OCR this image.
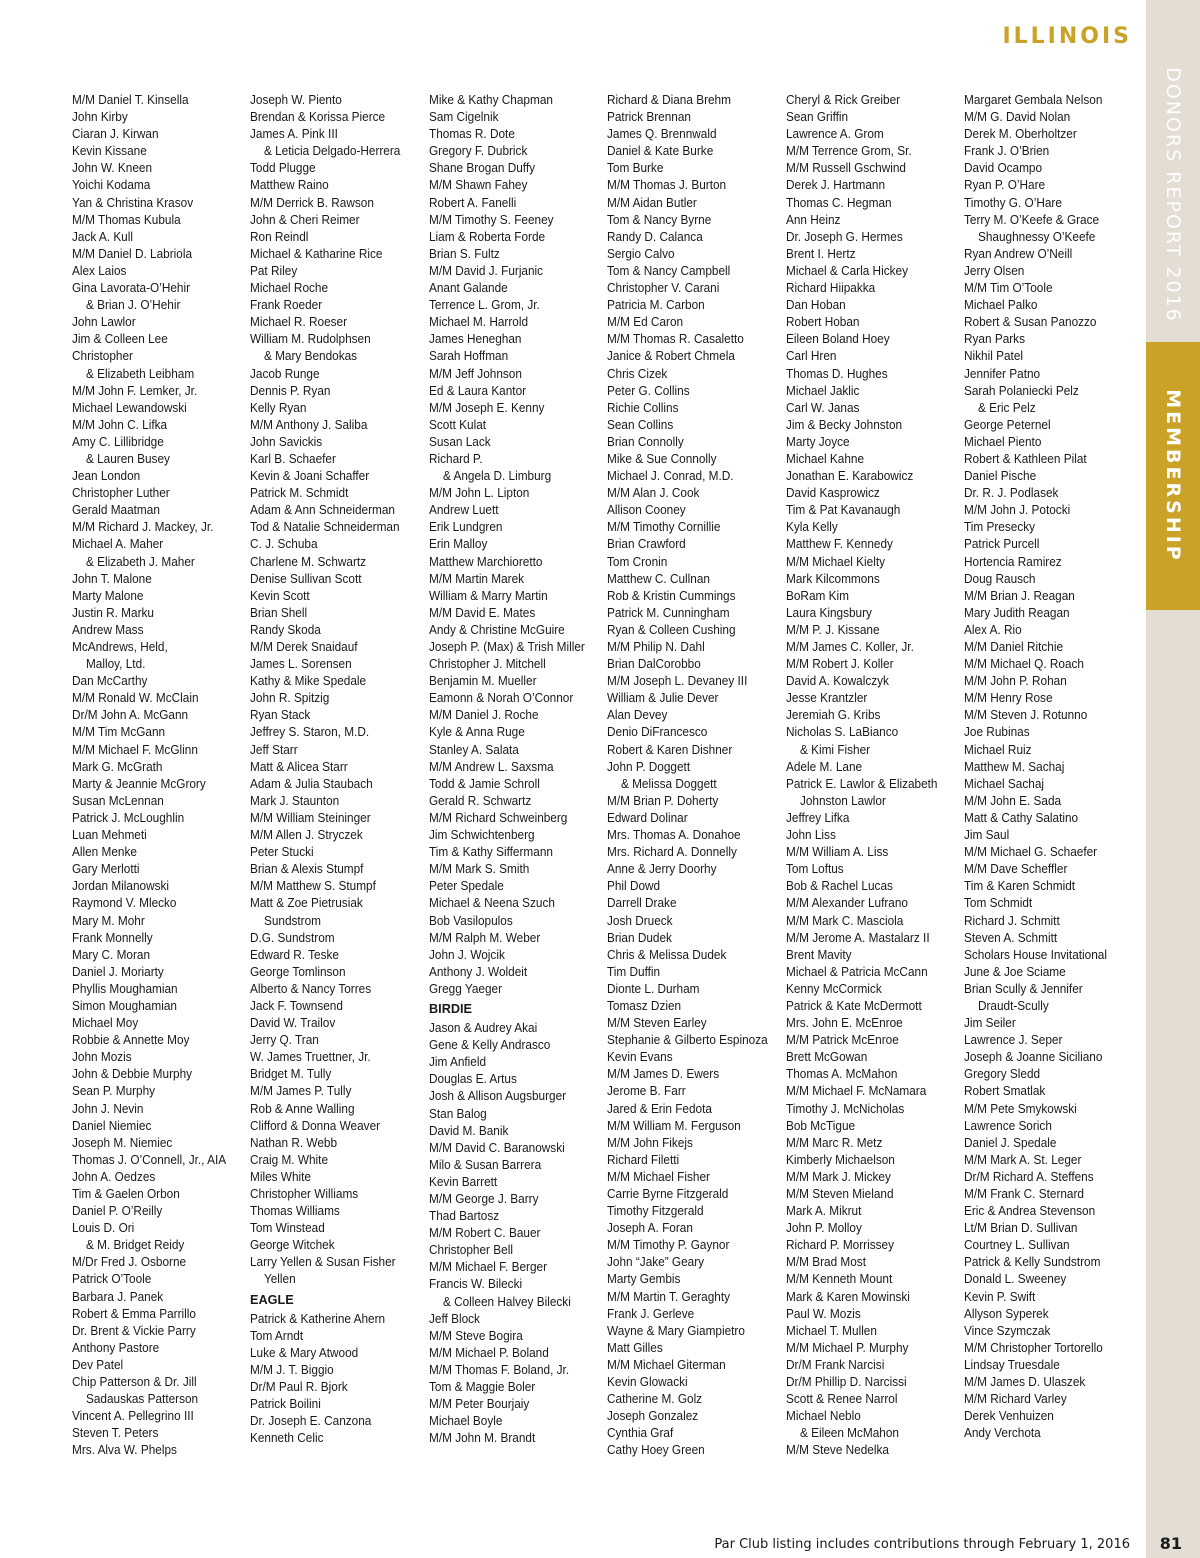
ILLINOIS
DONORS REPORT 2016
MEMBERSHIP
M/M Daniel T. Kinsella
John Kirby
Ciaran J. Kirwan
Kevin Kissane
John W. Kneen
Yoichi Kodama
Yan & Christina Krasov
M/M Thomas Kubula
Jack A. Kull
M/M Daniel D. Labriola
Alex Laios
Gina Lavorata-O’Hehir
& Brian J. O’Hehir
John Lawlor
Jim & Colleen Lee
Christopher
& Elizabeth Leibham
M/M John F. Lemker, Jr.
Michael Lewandowski
M/M John C. Lifka
Amy C. Lillibridge
& Lauren Busey
Jean London
Christopher Luther
Gerald Maatman
M/M Richard J. Mackey, Jr.
Michael A. Maher
& Elizabeth J. Maher
John T. Malone
Marty Malone
Justin R. Marku
Andrew Mass
McAndrews, Held,
Malloy, Ltd.
Dan McCarthy
M/M Ronald W. McClain
Dr/M John A. McGann
M/M Tim McGann
M/M Michael F. McGlinn
Mark G. McGrath
Marty & Jeannie McGrory
Susan McLennan
Patrick J. McLoughlin
Luan Mehmeti
Allen Menke
Gary Merlotti
Jordan Milanowski
Raymond V. Mlecko
Mary M. Mohr
Frank Monnelly
Mary C. Moran
Daniel J. Moriarty
Phyllis Moughamian
Simon Moughamian
Michael Moy
Robbie & Annette Moy
John Mozis
John & Debbie Murphy
Sean P. Murphy
John J. Nevin
Daniel Niemiec
Joseph M. Niemiec
Thomas J. O’Connell, Jr., AIA
John A. Oedzes
Tim & Gaelen Orbon
Daniel P. O’Reilly
Louis D. Ori
& M. Bridget Reidy
M/Dr Fred J. Osborne
Patrick O’Toole
Barbara J. Panek
Robert & Emma Parrillo
Dr. Brent & Vickie Parry
Anthony Pastore
Dev Patel
Chip Patterson & Dr. Jill
Sadauskas Patterson
Vincent A. Pellegrino III
Steven T. Peters
Mrs. Alva W. Phelps
Joseph W. Piento
Brendan & Korissa Pierce
James A. Pink III
& Leticia Delgado-Herrera
Todd Plugge
Matthew Raino
M/M Derrick B. Rawson
John & Cheri Reimer
Ron Reindl
Michael & Katharine Rice
Pat Riley
Michael Roche
Frank Roeder
Michael R. Roeser
William M. Rudolphsen
& Mary Bendokas
Jacob Runge
Dennis P. Ryan
Kelly Ryan
M/M Anthony J. Saliba
John Savickis
Karl B. Schaefer
Kevin & Joani Schaffer
Patrick M. Schmidt
Adam & Ann Schneiderman
Tod & Natalie Schneiderman
C. J. Schuba
Charlene M. Schwartz
Denise Sullivan Scott
Kevin Scott
Brian Shell
Randy Skoda
M/M Derek Snaidauf
James L. Sorensen
Kathy & Mike Spedale
John R. Spitzig
Ryan Stack
Jeffrey S. Staron, M.D.
Jeff Starr
Matt & Alicea Starr
Adam & Julia Staubach
Mark J. Staunton
M/M William Steininger
M/M Allen J. Stryczek
Peter Stucki
Brian & Alexis Stumpf
M/M Matthew S. Stumpf
Matt & Zoe Pietrusiak
Sundstrom
D.G. Sundstrom
Edward R. Teske
George Tomlinson
Alberto & Nancy Torres
Jack F. Townsend
David W. Trailov
Jerry Q. Tran
W. James Truettner, Jr.
Bridget M. Tully
M/M James P. Tully
Rob & Anne Walling
Clifford & Donna Weaver
Nathan R. Webb
Craig M. White
Miles White
Christopher Williams
Thomas Williams
Tom Winstead
George Witchek
Larry Yellen & Susan Fisher
Yellen
EAGLE
Patrick & Katherine Ahern
Tom Arndt
Luke & Mary Atwood
M/M J. T. Biggio
Dr/M Paul R. Bjork
Patrick Boilini
Dr. Joseph E. Canzona
Kenneth Celic
Mike & Kathy Chapman
Sam Cigelnik
Thomas R. Dote
Gregory F. Dubrick
Shane Brogan Duffy
M/M Shawn Fahey
Robert A. Fanelli
M/M Timothy S. Feeney
Liam & Roberta Forde
Brian S. Fultz
M/M David J. Furjanic
Anant Galande
Terrence L. Grom, Jr.
Michael M. Harrold
James Heneghan
Sarah Hoffman
M/M Jeff Johnson
Ed & Laura Kantor
M/M Joseph E. Kenny
Scott Kulat
Susan Lack
Richard P.
& Angela D. Limburg
M/M John L. Lipton
Andrew Luett
Erik Lundgren
Erin Malloy
Matthew Marchioretto
M/M Martin Marek
William & Marry Martin
M/M David E. Mates
Andy & Christine McGuire
Joseph P. (Max) & Trish Miller
Christopher J. Mitchell
Benjamin M. Mueller
Eamonn & Norah O’Connor
M/M Daniel J. Roche
Kyle & Anna Ruge
Stanley A. Salata
M/M Andrew L. Saxsma
Todd & Jamie Schroll
Gerald R. Schwartz
M/M Richard Schweinberg
Jim Schwichtenberg
Tim & Kathy Siffermann
M/M Mark S. Smith
Peter Spedale
Michael & Neena Szuch
Bob Vasilopulos
M/M Ralph M. Weber
John J. Wojcik
Anthony J. Woldeit
Gregg Yaeger
BIRDIE
Jason & Audrey Akai
Gene & Kelly Andrasco
Jim Anfield
Douglas E. Artus
Josh & Allison Augsburger
Stan Balog
David M. Banik
M/M David C. Baranowski
Milo & Susan Barrera
Kevin Barrett
M/M George J. Barry
Thad Bartosz
M/M Robert C. Bauer
Christopher Bell
M/M Michael F. Berger
Francis W. Bilecki
& Colleen Halvey Bilecki
Jeff Block
M/M Steve Bogira
M/M Michael P. Boland
M/M Thomas F. Boland, Jr.
Tom & Maggie Boler
M/M Peter Bourjaiy
Michael Boyle
M/M John M. Brandt
Richard & Diana Brehm
Patrick Brennan
James Q. Brennwald
Daniel & Kate Burke
Tom Burke
M/M Thomas J. Burton
M/M Aidan Butler
Tom & Nancy Byrne
Randy D. Calanca
Sergio Calvo
Tom & Nancy Campbell
Christopher V. Carani
Patricia M. Carbon
M/M Ed Caron
M/M Thomas R. Casaletto
Janice & Robert Chmela
Chris Cizek
Peter G. Collins
Richie Collins
Sean Collins
Brian Connolly
Mike & Sue Connolly
Michael J. Conrad, M.D.
M/M Alan J. Cook
Allison Cooney
M/M Timothy Cornillie
Brian Crawford
Tom Cronin
Matthew C. Cullnan
Rob & Kristin Cummings
Patrick M. Cunningham
Ryan & Colleen Cushing
M/M Philip N. Dahl
Brian DalCorobbo
M/M Joseph L. Devaney III
William & Julie Dever
Alan Devey
Denio DiFrancesco
Robert & Karen Dishner
John P. Doggett
& Melissa Doggett
M/M Brian P. Doherty
Edward Dolinar
Mrs. Thomas A. Donahoe
Mrs. Richard A. Donnelly
Anne & Jerry Doorhy
Phil Dowd
Darrell Drake
Josh Drueck
Brian Dudek
Chris & Melissa Dudek
Tim Duffin
Dionte L. Durham
Tomasz Dzien
M/M Steven Earley
Stephanie & Gilberto Espinoza
Kevin Evans
M/M James D. Ewers
Jerome B. Farr
Jared & Erin Fedota
M/M William M. Ferguson
M/M John Fikejs
Richard Filetti
M/M Michael Fisher
Carrie Byrne Fitzgerald
Timothy Fitzgerald
Joseph A. Foran
M/M Timothy P. Gaynor
John “Jake” Geary
Marty Gembis
M/M Martin T. Geraghty
Frank J. Gerleve
Wayne & Mary Giampietro
Matt Gilles
M/M Michael Giterman
Kevin Glowacki
Catherine M. Golz
Joseph Gonzalez
Cynthia Graf
Cathy Hoey Green
Cheryl & Rick Greiber
Sean Griffin
Lawrence A. Grom
M/M Terrence Grom, Sr.
M/M Russell Gschwind
Derek J. Hartmann
Thomas C. Hegman
Ann Heinz
Dr. Joseph G. Hermes
Brent I. Hertz
Michael & Carla Hickey
Richard Hiipakka
Dan Hoban
Robert Hoban
Eileen Boland Hoey
Carl Hren
Thomas D. Hughes
Michael Jaklic
Carl W. Janas
Jim & Becky Johnston
Marty Joyce
Michael Kahne
Jonathan E. Karabowicz
David Kasprowicz
Tim & Pat Kavanaugh
Kyla Kelly
Matthew F. Kennedy
M/M Michael Kielty
Mark Kilcommons
BoRam Kim
Laura Kingsbury
M/M P. J. Kissane
M/M James C. Koller, Jr.
M/M Robert J. Koller
David A. Kowalczyk
Jesse Krantzler
Jeremiah G. Kribs
Nicholas S. LaBianco
& Kimi Fisher
Adele M. Lane
Patrick E. Lawlor & Elizabeth
Johnston Lawlor
Jeffrey Lifka
John Liss
M/M William A. Liss
Tom Loftus
Bob & Rachel Lucas
M/M Alexander Lufrano
M/M Mark C. Masciola
M/M Jerome A. Mastalarz II
Brent Mavity
Michael & Patricia McCann
Kenny McCormick
Patrick & Kate McDermott
Mrs. John E. McEnroe
M/M Patrick McEnroe
Brett McGowan
Thomas A. McMahon
M/M Michael F. McNamara
Timothy J. McNicholas
Bob McTigue
M/M Marc R. Metz
Kimberly Michaelson
M/M Mark J. Mickey
M/M Steven Mieland
Mark A. Mikrut
John P. Molloy
Richard P. Morrissey
M/M Brad Most
M/M Kenneth Mount
Mark & Karen Mowinski
Paul W. Mozis
Michael T. Mullen
M/M Michael P. Murphy
Dr/M Frank Narcisi
Dr/M Phillip D. Narcissi
Scott & Renee Narrol
Michael Neblo
& Eileen McMahon
M/M Steve Nedelka
Margaret Gembala Nelson
M/M G. David Nolan
Derek M. Oberholtzer
Frank J. O’Brien
David Ocampo
Ryan P. O’Hare
Timothy G. O’Hare
Terry M. O’Keefe & Grace
Shaughnessy O’Keefe
Ryan Andrew O’Neill
Jerry Olsen
M/M Tim O’Toole
Michael Palko
Robert & Susan Panozzo
Ryan Parks
Nikhil Patel
Jennifer Patno
Sarah Polaniecki Pelz
& Eric Pelz
George Peternel
Michael Piento
Robert & Kathleen Pilat
Daniel Pische
Dr. R. J. Podlasek
M/M John J. Potocki
Tim Presecky
Patrick Purcell
Hortencia Ramirez
Doug Rausch
M/M Brian J. Reagan
Mary Judith Reagan
Alex A. Rio
M/M Daniel Ritchie
M/M Michael Q. Roach
M/M John P. Rohan
M/M Henry Rose
M/M Steven J. Rotunno
Joe Rubinas
Michael Ruiz
Matthew M. Sachaj
Michael Sachaj
M/M John E. Sada
Matt & Cathy Salatino
Jim Saul
M/M Michael G. Schaefer
M/M Dave Scheffler
Tim & Karen Schmidt
Tom Schmidt
Richard J. Schmitt
Steven A. Schmitt
Scholars House Invitational
June & Joe Sciame
Brian Scully & Jennifer
Draudt-Scully
Jim Seiler
Lawrence J. Seper
Joseph & Joanne Siciliano
Gregory Sledd
Robert Smatlak
M/M Pete Smykowski
Lawrence Sorich
Daniel J. Spedale
M/M Mark A. St. Leger
Dr/M Richard A. Steffens
M/M Frank C. Sternard
Eric & Andrea Stevenson
Lt/M Brian D. Sullivan
Courtney L. Sullivan
Patrick & Kelly Sundstrom
Donald L. Sweeney
Kevin P. Swift
Allyson Syperek
Vince Szymczak
M/M Christopher Tortorello
Lindsay Truesdale
M/M James D. Ulaszek
M/M Richard Varley
Derek Venhuizen
Andy Verchota
Par Club listing includes contributions through February 1, 2016 81
